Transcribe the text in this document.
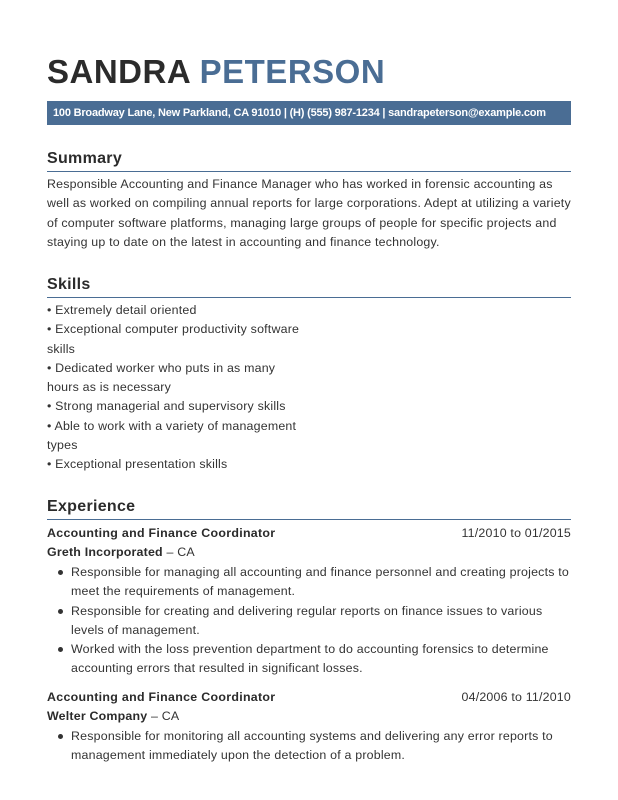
SANDRA PETERSON
100 Broadway Lane, New Parkland, CA 91010 | (H) (555) 987-1234 | sandrapeterson@example.com
Summary

Responsible Accounting and Finance Manager who has worked in forensic accounting as well as worked on compiling annual reports for large corporations. Adept at utilizing a variety of computer software platforms, managing large groups of people for specific projects and staying up to date on the latest in accounting and finance technology.

Skills
• Extremely detail oriented
• Exceptional computer productivity software skills
• Dedicated worker who puts in as many hours as is necessary
• Strong managerial and supervisory skills
• Able to work with a variety of management types
• Exceptional presentation skills
Experience
Accounting and Finance Coordinator	11/2010 to 01/2015
Greth Incorporated – CA
Responsible for managing all accounting and finance personnel and creating projects to meet the requirements of management.
Responsible for creating and delivering regular reports on finance issues to various levels of management.
Worked with the loss prevention department to do accounting forensics to determine accounting errors that resulted in significant losses.
Accounting and Finance Coordinator	04/2006 to 11/2010
Welter Company – CA
Responsible for monitoring all accounting systems and delivering any error reports to management immediately upon the detection of a problem.
